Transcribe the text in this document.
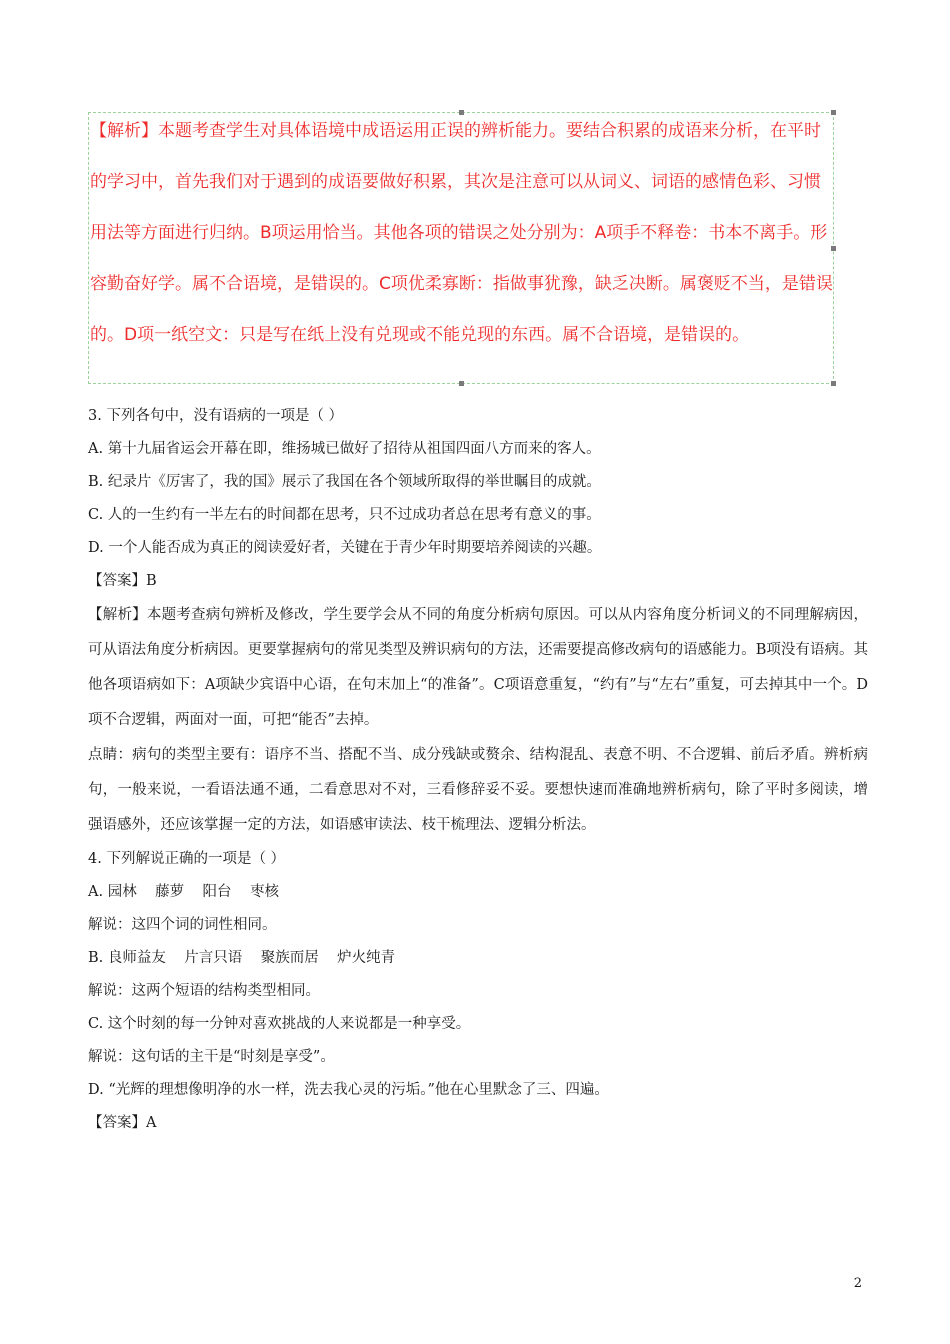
【解析】本题考查学生对具体语境中成语运用正误的辨析能力。要结合积累的成语来分析，在平时的学习中，首先我们对于遇到的成语要做好积累，其次是注意可以从词义、词语的感情色彩、习惯用法等方面进行归纳。B项运用恰当。其他各项的错误之处分别为：A项手不释卷：书本不离手。形容勤奋好学。属不合语境，是错误的。C项优柔寡断：指做事犹豫，缺乏决断。属褒贬不当，是错误的。D项一纸空文：只是写在纸上没有兑现或不能兑现的东西。属不合语境，是错误的。

3. 下列各句中，没有语病的一项是（ ）

A. 第十九届省运会开幕在即，维扬城已做好了招待从祖国四面八方而来的客人。

B. 纪录片《厉害了，我的国》展示了我国在各个领域所取得的举世瞩目的成就。

C. 人的一生约有一半左右的时间都在思考，只不过成功者总在思考有意义的事。

D. 一个人能否成为真正的阅读爱好者，关键在于青少年时期要培养阅读的兴趣。

【答案】B

【解析】本题考查病句辨析及修改，学生要学会从不同的角度分析病句原因。可以从内容角度分析词义的不同理解病因，可从语法角度分析病因。更要掌握病句的常见类型及辨识病句的方法，还需要提高修改病句的语感能力。B项没有语病。其他各项语病如下：A项缺少宾语中心语，在句末加上“的准备”。C项语意重复，“约有”与“左右”重复，可去掉其中一个。D项不合逻辑，两面对一面，可把“能否”去掉。

点睛：病句的类型主要有：语序不当、搭配不当、成分残缺或赘余、结构混乱、表意不明、不合逻辑、前后矛盾。辨析病句，一般来说，一看语法通不通，二看意思对不对，三看修辞妥不妥。要想快速而准确地辨析病句，除了平时多阅读，增强语感外，还应该掌握一定的方法，如语感审读法、枝干梳理法、逻辑分析法。

4. 下列解说正确的一项是（ ）

A. 园林    藤萝    阳台    枣核

解说：这四个词的词性相同。

B. 良师益友    片言只语    聚族而居    炉火纯青

解说：这两个短语的结构类型相同。

C. 这个时刻的每一分钟对喜欢挑战的人来说都是一种享受。

解说：这句话的主干是“时刻是享受”。

D. “光辉的理想像明净的水一样，洗去我心灵的污垢。”他在心里默念了三、四遍。

【答案】A

2
